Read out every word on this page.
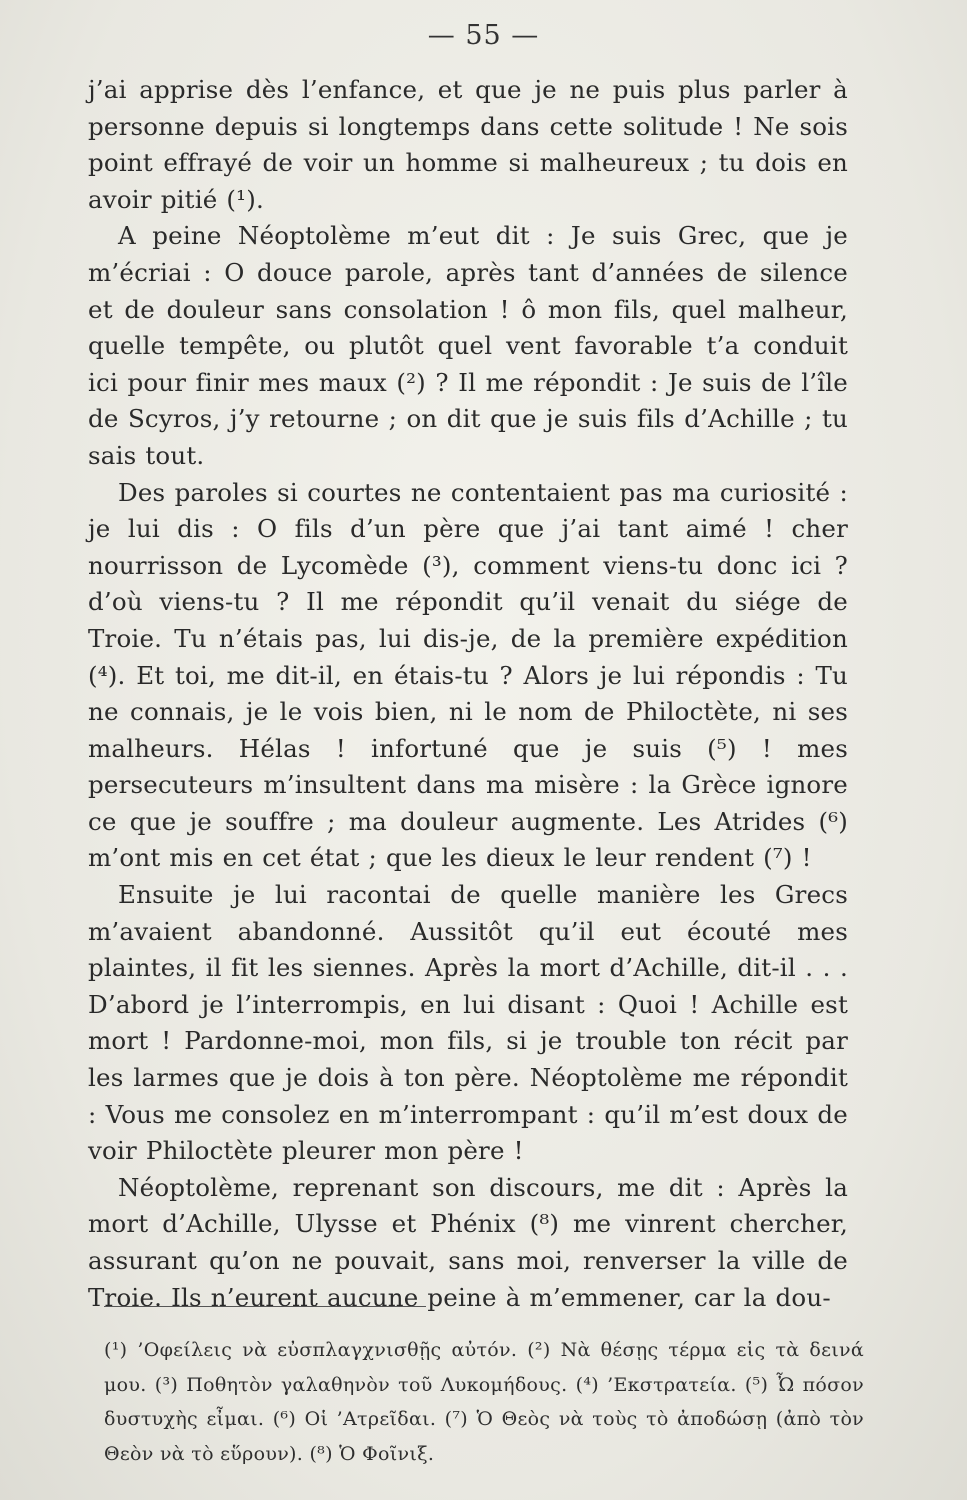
— 55 —

j’ai apprise dès l’enfance, et que je ne puis plus parler à personne depuis si longtemps dans cette solitude ! Ne sois point effrayé de voir un homme si malheureux ; tu dois en avoir pitié (¹).

A peine Néoptolème m’eut dit : Je suis Grec, que je m’écriai : O douce parole, après tant d’années de silence et de douleur sans consolation ! ô mon fils, quel malheur, quelle tempête, ou plutôt quel vent favorable t’a conduit ici pour finir mes maux (²) ? Il me répondit : Je suis de l’île de Scyros, j’y retourne ; on dit que je suis fils d’Achille ; tu sais tout.

Des paroles si courtes ne contentaient pas ma curiosité : je lui dis : O fils d’un père que j’ai tant aimé ! cher nourrisson de Lycomède (³), comment viens-tu donc ici ? d’où viens-tu ? Il me répondit qu’il venait du siége de Troie. Tu n’étais pas, lui dis-je, de la première expédition (⁴). Et toi, me dit-il, en étais-tu ? Alors je lui répondis : Tu ne connais, je le vois bien, ni le nom de Philoctète, ni ses malheurs. Hélas ! infortuné que je suis (⁵) ! mes persecuteurs m’insultent dans ma misère : la Grèce ignore ce que je souffre ; ma douleur augmente. Les Atrides (⁶) m’ont mis en cet état ; que les dieux le leur rendent (⁷) !

Ensuite je lui racontai de quelle manière les Grecs m’avaient abandonné. Aussitôt qu’il eut écouté mes plaintes, il fit les siennes. Après la mort d’Achille, dit-il . . . D’abord je l’interrompis, en lui disant : Quoi ! Achille est mort ! Pardonne-moi, mon fils, si je trouble ton récit par les larmes que je dois à ton père. Néoptolème me répondit : Vous me consolez en m’interrompant : qu’il m’est doux de voir Philoctète pleurer mon père !

Néoptolème, reprenant son discours, me dit : Après la mort d’Achille, Ulysse et Phénix (⁸) me vinrent chercher, assurant qu’on ne pouvait, sans moi, renverser la ville de Troie. Ils n’eurent aucune peine à m’emmener, car la dou-

(¹) ’Οφείλεις νὰ εὐσπλαγχνισθῇς αὐτόν. (²) Νὰ θέσῃς τέρμα εἰς τὰ δεινά μου. (³) Ποθητὸν γαλαθηνὸν τοῦ Λυκομήδους. (⁴) ’Εκστρατεία. (⁵) Ὦ πόσον δυστυχὴς εἶμαι. (⁶) Οἱ ’Ατρεῖδαι. (⁷) Ὁ Θεὸς νὰ τοὺς τὸ ἀποδώσῃ (ἀπὸ τὸν Θεὸν νὰ τὸ εὕρουν). (⁸) Ὁ Φοῖνιξ.
